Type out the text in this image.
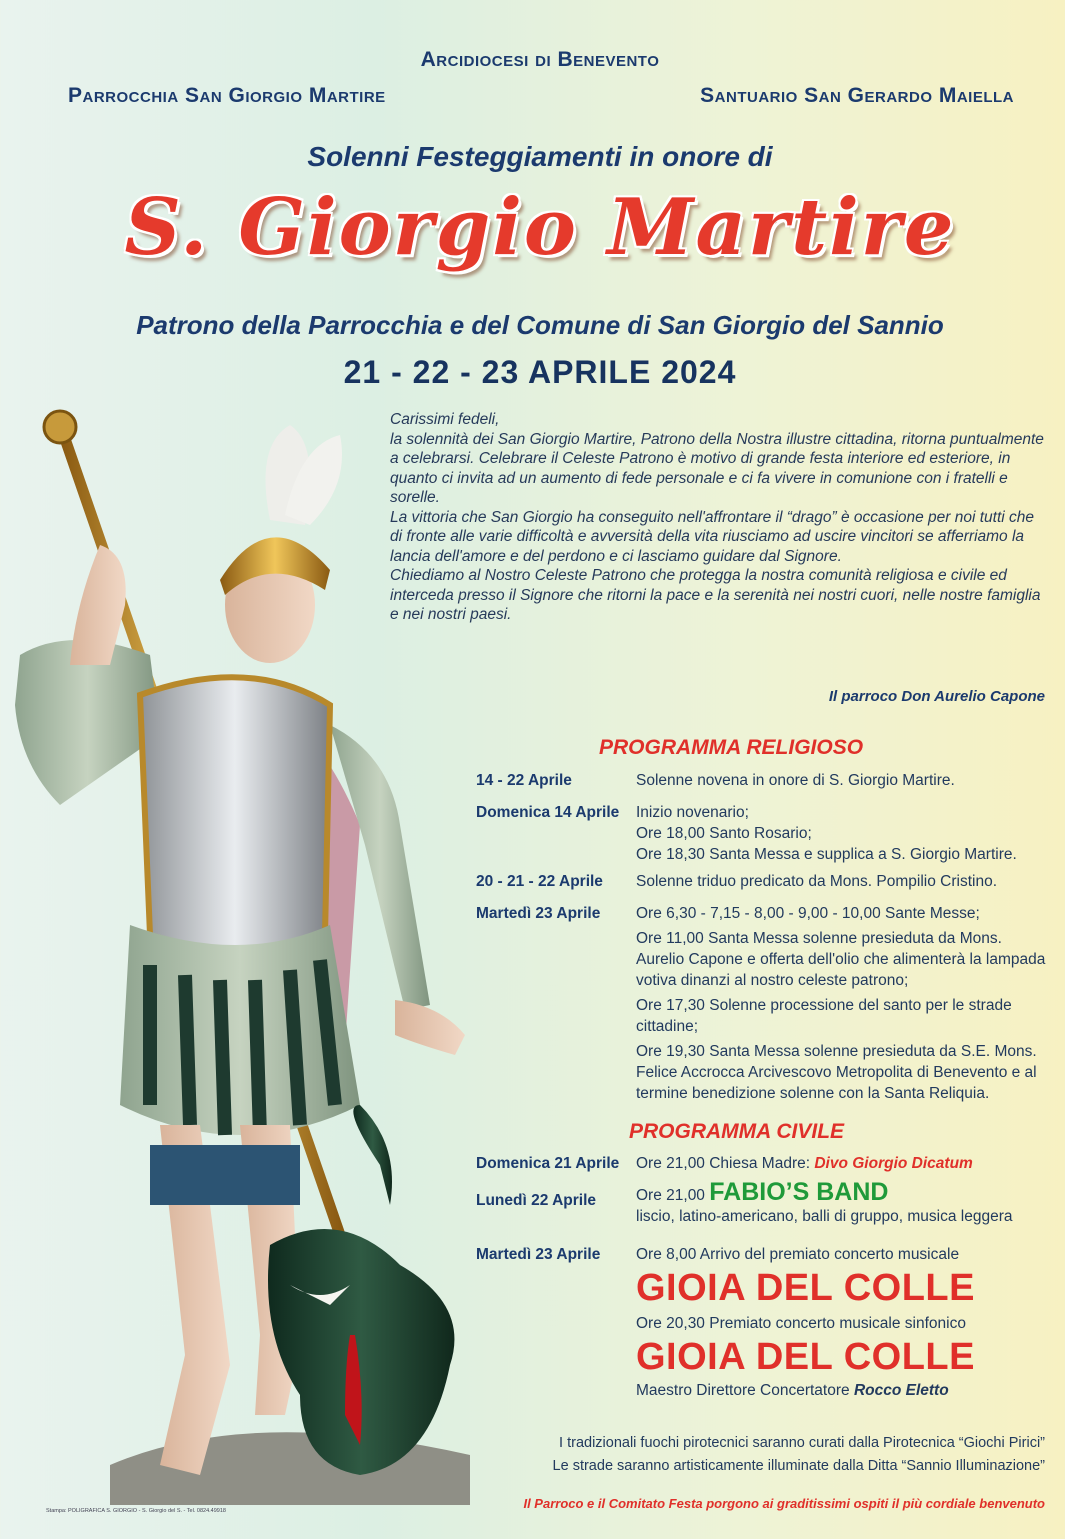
Arcidiocesi di Benevento
Parrocchia San Giorgio Martire	Santuario San Gerardo Maiella
Solenni Festeggiamenti in onore di
S. Giorgio Martire
Patrono della Parrocchia e del Comune di San Giorgio del Sannio
21 - 22 - 23 APRILE 2024

Carissimi fedeli,

la solennità dei San Giorgio Martire, Patrono della Nostra illustre cittadina, ritorna puntualmente a celebrarsi. Celebrare il Celeste Patrono è motivo di grande festa interiore ed esteriore, in quanto ci invita ad un aumento di fede personale e ci fa vivere in comunione con i fratelli e sorelle.

La vittoria che San Giorgio ha conseguito nell'affrontare il “drago” è occasione per noi tutti che di fronte alle varie difficoltà e avversità della vita riusciamo ad uscire vincitori se afferriamo la lancia dell'amore e del perdono e ci lasciamo guidare dal Signore.

Chiediamo al Nostro Celeste Patrono che protegga la nostra comunità religiosa e civile ed interceda presso il Signore che ritorni la pace e la serenità nei nostri cuori, nelle nostre famiglia e nei nostri paesi.

Il parroco Don Aurelio Capone
PROGRAMMA RELIGIOSO
14 - 22 Aprile	Solenne novena in onore di S. Giorgio Martire.
Domenica 14 Aprile	Inizio novenario;
Ore 18,00 Santo Rosario;
Ore 18,30 Santa Messa e supplica a S. Giorgio Martire.
20 - 21 - 22 Aprile	Solenne triduo predicato da Mons. Pompilio Cristino.
Martedì 23 Aprile	Ore 6,30 - 7,15 - 8,00 - 9,00 - 10,00 Sante Messe;
Ore 11,00 Santa Messa solenne presieduta da Mons. Aurelio Capone e offerta dell'olio che alimenterà la lampada votiva dinanzi al nostro celeste patrono;
Ore 17,30 Solenne processione del santo per le strade cittadine;
Ore 19,30 Santa Messa solenne presieduta da S.E. Mons. Felice Accrocca Arcivescovo Metropolita di Benevento e al termine benedizione solenne con la Santa Reliquia.
PROGRAMMA CIVILE
Domenica 21 Aprile	Ore 21,00 Chiesa Madre: Divo Giorgio Dicatum
Lunedì 22 Aprile	Ore 21,00 FABIO’S BAND
liscio, latino-americano, balli di gruppo, musica leggera
Martedì 23 Aprile	Ore 8,00 Arrivo del premiato concerto musicale
GIOIA DEL COLLE
Ore 20,30 Premiato concerto musicale sinfonico
GIOIA DEL COLLE
Maestro Direttore Concertatore Rocco Eletto
I tradizionali fuochi pirotecnici saranno curati dalla Pirotecnica “Giochi Pirici”
Le strade saranno artisticamente illuminate dalla Ditta “Sannio Illuminazione”
Il Parroco e il Comitato Festa porgono ai graditissimi ospiti il più cordiale benvenuto
Stampa: POLIGRAFICA S. GIORGIO - S. Giorgio del S. - Tel. 0824.49918
